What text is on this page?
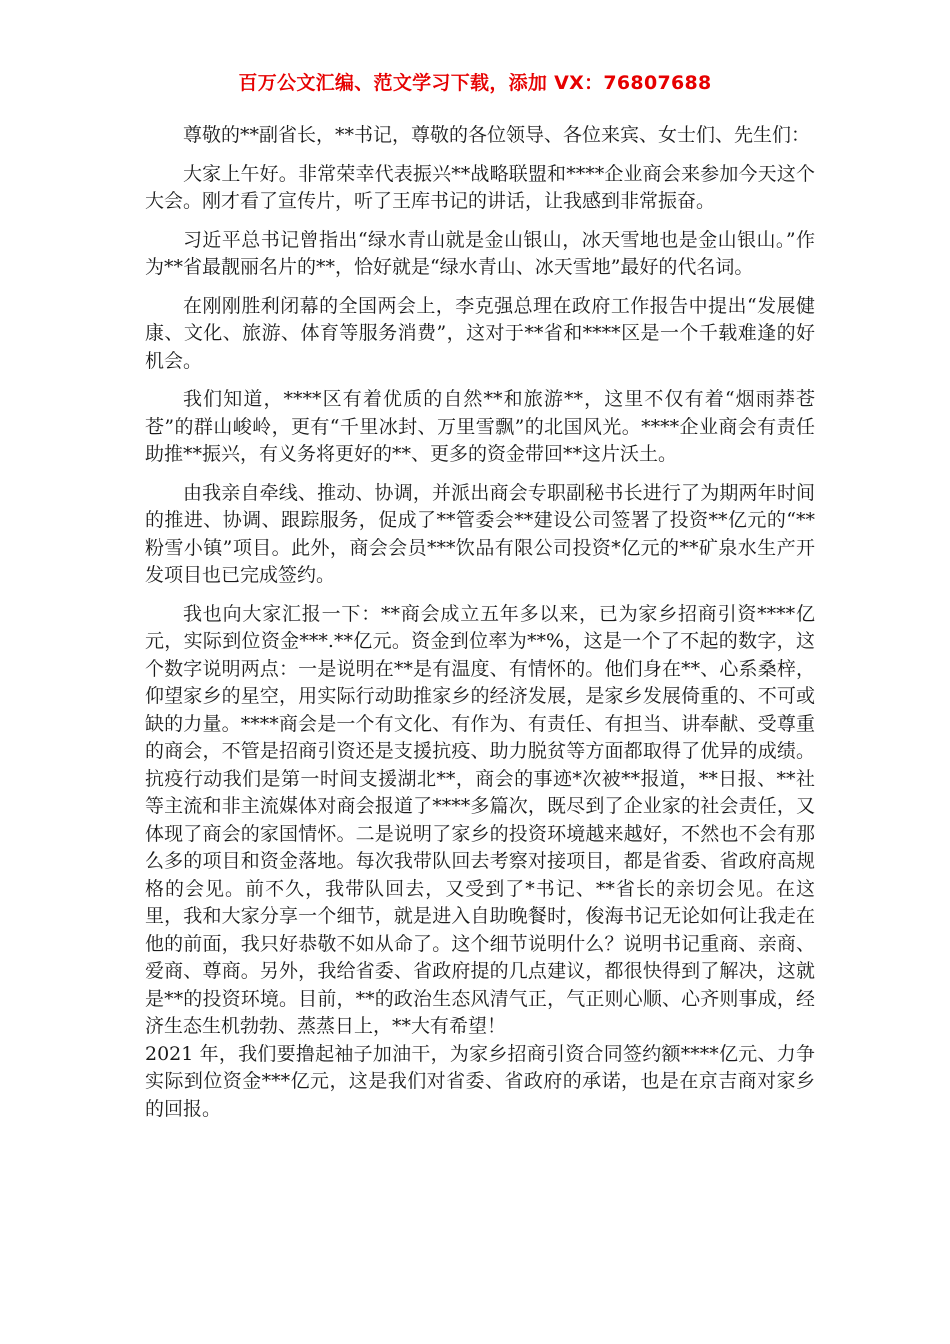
百万公文汇编、范文学习下载，添加 VX：76807688

尊敬的**副省长，**书记，尊敬的各位领导、各位来宾、女士们、先生们：

大家上午好。非常荣幸代表振兴**战略联盟和****企业商会来参加今天这个大会。刚才看了宣传片，听了王库书记的讲话，让我感到非常振奋。

习近平总书记曾指出“绿水青山就是金山银山，冰天雪地也是金山银山。”作为**省最靓丽名片的**，恰好就是“绿水青山、冰天雪地”最好的代名词。

在刚刚胜利闭幕的全国两会上，李克强总理在政府工作报告中提出“发展健康、文化、旅游、体育等服务消费”，这对于**省和****区是一个千载难逢的好机会。

我们知道，****区有着优质的自然**和旅游**，这里不仅有着“烟雨莽苍苍”的群山峻岭，更有“千里冰封、万里雪飘”的北国风光。****企业商会有责任助推**振兴，有义务将更好的**、更多的资金带回**这片沃土。

由我亲自牵线、推动、协调，并派出商会专职副秘书长进行了为期两年时间的推进、协调、跟踪服务，促成了**管委会**建设公司签署了投资**亿元的“**粉雪小镇”项目。此外，商会会员***饮品有限公司投资*亿元的**矿泉水生产开发项目也已完成签约。

我也向大家汇报一下：**商会成立五年多以来，已为家乡招商引资****亿元，实际到位资金***.**亿元。资金到位率为**%，这是一个了不起的数字，这个数字说明两点：一是说明在**是有温度、有情怀的。他们身在**、心系桑梓，仰望家乡的星空，用实际行动助推家乡的经济发展，是家乡发展倚重的、不可或缺的力量。****商会是一个有文化、有作为、有责任、有担当、讲奉献、受尊重的商会，不管是招商引资还是支援抗疫、助力脱贫等方面都取得了优异的成绩。抗疫行动我们是第一时间支援湖北**，商会的事迹*次被**报道，**日报、**社等主流和非主流媒体对商会报道了****多篇次，既尽到了企业家的社会责任，又体现了商会的家国情怀。二是说明了家乡的投资环境越来越好，不然也不会有那么多的项目和资金落地。每次我带队回去考察对接项目，都是省委、省政府高规格的会见。前不久，我带队回去，又受到了*书记、**省长的亲切会见。在这里，我和大家分享一个细节，就是进入自助晚餐时，俊海书记无论如何让我走在他的前面，我只好恭敬不如从命了。这个细节说明什么？说明书记重商、亲商、爱商、尊商。另外，我给省委、省政府提的几点建议，都很快得到了解决，这就是**的投资环境。目前，**的政治生态风清气正，气正则心顺、心齐则事成，经济生态生机勃勃、蒸蒸日上，**大有希望！

2021 年，我们要撸起袖子加油干，为家乡招商引资合同签约额****亿元、力争实际到位资金***亿元，这是我们对省委、省政府的承诺，也是在京吉商对家乡的回报。
